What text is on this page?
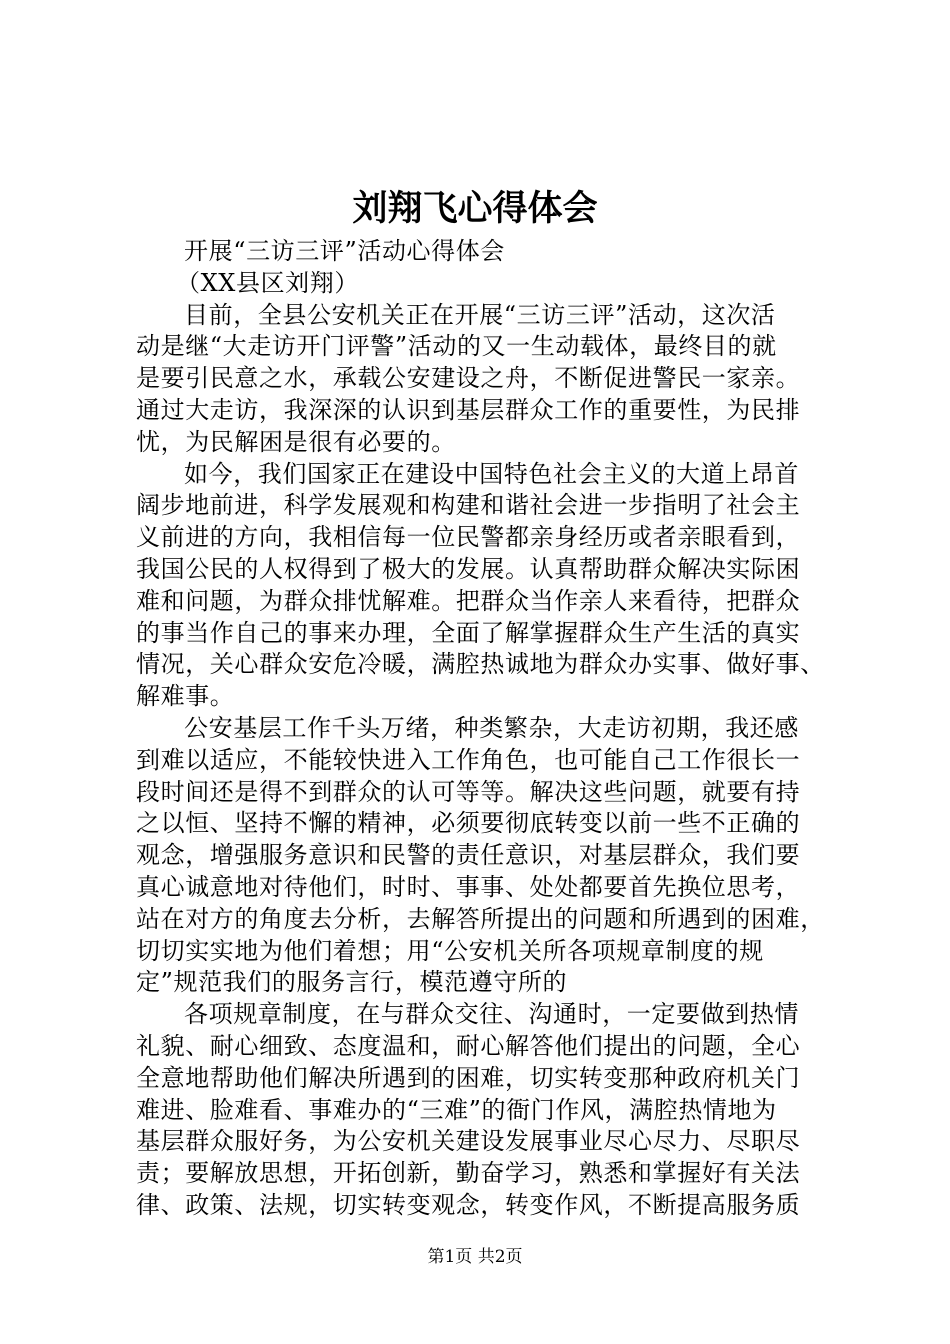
刘翔飞心得体会
开展“三访三评”活动心得体会
（XX县区刘翔）
目前，全县公安机关正在开展“三访三评”活动，这次活
动是继“大走访开门评警”活动的又一生动载体，最终目的就
是要引民意之水，承载公安建设之舟，不断促进警民一家亲。
通过大走访，我深深的认识到基层群众工作的重要性，为民排
忧，为民解困是很有必要的。
如今，我们国家正在建设中国特色社会主义的大道上昂首
阔步地前进，科学发展观和构建和谐社会进一步指明了社会主
义前进的方向，我相信每一位民警都亲身经历或者亲眼看到，
我国公民的人权得到了极大的发展。认真帮助群众解决实际困
难和问题，为群众排忧解难。把群众当作亲人来看待，把群众
的事当作自己的事来办理，全面了解掌握群众生产生活的真实
情况，关心群众安危冷暖，满腔热诚地为群众办实事、做好事、
解难事。
公安基层工作千头万绪，种类繁杂，大走访初期，我还感
到难以适应，不能较快进入工作角色，也可能自己工作很长一
段时间还是得不到群众的认可等等。解决这些问题，就要有持
之以恒、坚持不懈的精神，必须要彻底转变以前一些不正确的
观念，增强服务意识和民警的责任意识，对基层群众，我们要
真心诚意地对待他们，时时、事事、处处都要首先换位思考，
站在对方的角度去分析，去解答所提出的问题和所遇到的困难，
切切实实地为他们着想；用“公安机关所各项规章制度的规
定”规范我们的服务言行，模范遵守所的
各项规章制度，在与群众交往、沟通时，一定要做到热情
礼貌、耐心细致、态度温和，耐心解答他们提出的问题，全心
全意地帮助他们解决所遇到的困难，切实转变那种政府机关门
难进、脸难看、事难办的“三难”的衙门作风，满腔热情地为
基层群众服好务，为公安机关建设发展事业尽心尽力、尽职尽
责；要解放思想，开拓创新，勤奋学习，熟悉和掌握好有关法
律、政策、法规，切实转变观念，转变作风，不断提高服务质
第1页 共2页
